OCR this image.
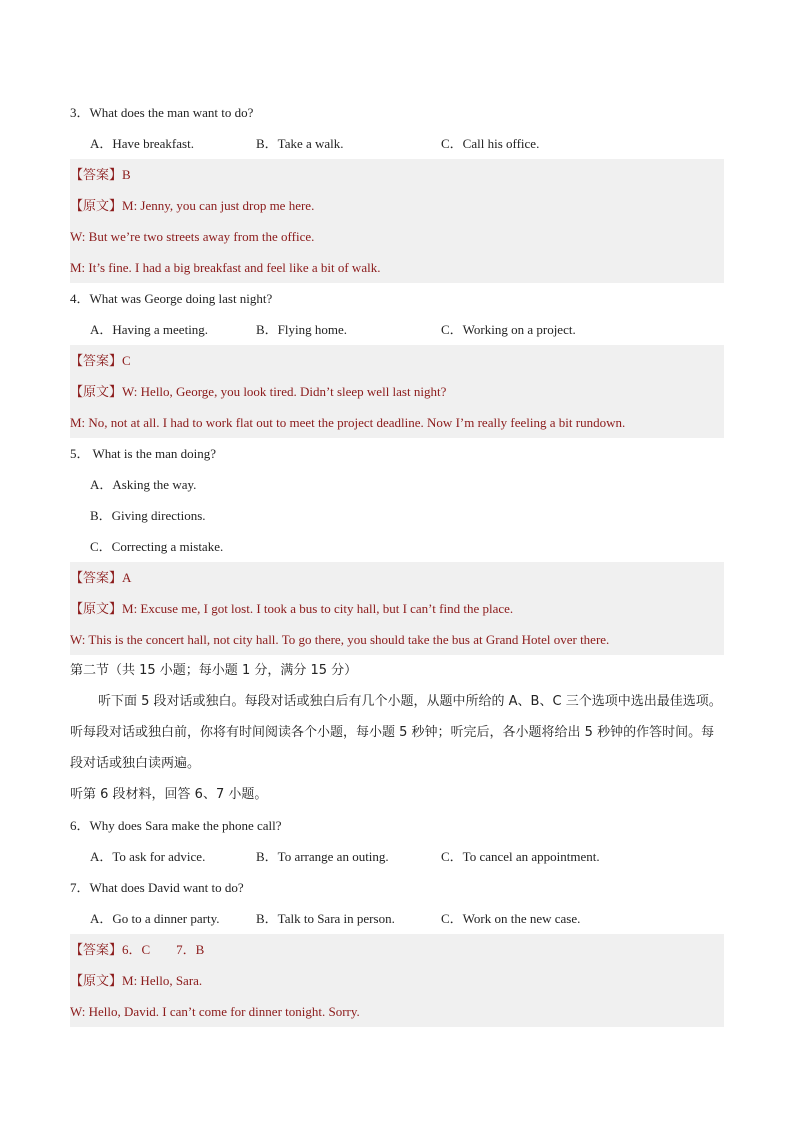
3．What does the man want to do?
A．Have breakfast.	B．Take a walk.	C．Call his office.
【答案】B
【原文】M: Jenny, you can just drop me here.
W: But we’re two streets away from the office.
M: It’s fine. I had a big breakfast and feel like a bit of walk.
4．What was George doing last night?
A．Having a meeting.	B．Flying home.	C．Working on a project.
【答案】C
【原文】W: Hello, George, you look tired. Didn’t sleep well last night?
M: No, not at all. I had to work flat out to meet the project deadline. Now I’m really feeling a bit rundown.
5． What is the man doing?
A．Asking the way.
B．Giving directions.
C．Correcting a mistake.
【答案】A
【原文】M: Excuse me, I got lost. I took a bus to city hall, but I can’t find the place.
W: This is the concert hall, not city hall. To go there, you should take the bus at Grand Hotel over there.
第二节（共 15 小题；每小题 1 分，满分 15 分）
听下面 5 段对话或独白。每段对话或独白后有几个小题，从题中所给的 A、B、C 三个选项中选出最佳选项。听每段对话或独白前，你将有时间阅读各个小题，每小题 5 秒钟；听完后，各小题将给出 5 秒钟的作答时间。每段对话或独白读两遍。
听第 6 段材料，回答 6、7 小题。
6．Why does Sara make the phone call?
A．To ask for advice.	B．To arrange an outing.	C．To cancel an appointment.
7．What does David want to do?
A．Go to a dinner party.	B．Talk to Sara in person.	C．Work on the new case.
【答案】6．C　　7．B
【原文】M: Hello, Sara.
W: Hello, David. I can’t come for dinner tonight. Sorry.
